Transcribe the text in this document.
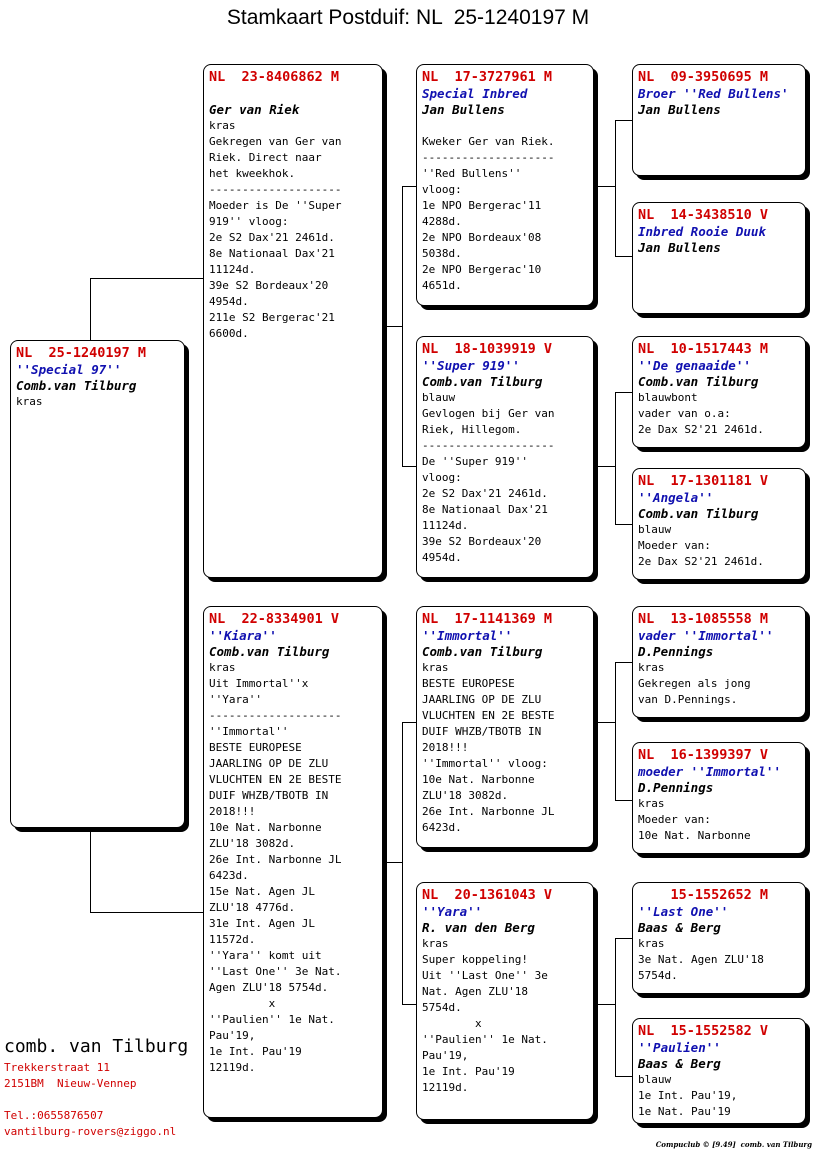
Stamkaart Postduif: NL  25-1240197 M
NL  25-1240197 M
''Special 97''
Comb.van Tilburg
kras
NL  23-8406862 M
Ger van Riek
kras
Gekregen van Ger van
Riek. Direct naar
het kweekhok.
--------------------
Moeder is De ''Super
919'' vloog:
2e S2 Dax'21 2461d.
8e Nationaal Dax'21
11124d.
39e S2 Bordeaux'20
4954d.
211e S2 Bergerac'21
6600d.
NL  22-8334901 V
''Kiara''
Comb.van Tilburg
kras
Uit Immortal''x
''Yara''
--------------------
''Immortal''
BESTE EUROPESE
JAARLING OP DE ZLU
VLUCHTEN EN 2E BESTE
DUIF WHZB/TBOTB IN
2018!!!
10e Nat. Narbonne
ZLU'18 3082d.
26e Int. Narbonne JL
6423d.
15e Nat. Agen JL
ZLU'18 4776d.
31e Int. Agen JL
11572d.
''Yara'' komt uit
''Last One'' 3e Nat.
Agen ZLU'18 5754d.
x
''Paulien'' 1e Nat.
Pau'19,
1e Int. Pau'19
12119d.
NL  17-3727961 M
Special Inbred
Jan Bullens
Kweker Ger van Riek.
--------------------
''Red Bullens''
vloog:
1e NPO Bergerac'11
4288d.
2e NPO Bordeaux'08
5038d.
2e NPO Bergerac'10
4651d.
NL  18-1039919 V
''Super 919''
Comb.van Tilburg
blauw
Gevlogen bij Ger van
Riek, Hillegom.
--------------------
De ''Super 919''
vloog:
2e S2 Dax'21 2461d.
8e Nationaal Dax'21
11124d.
39e S2 Bordeaux'20
4954d.
NL  17-1141369 M
''Immortal''
Comb.van Tilburg
kras
BESTE EUROPESE
JAARLING OP DE ZLU
VLUCHTEN EN 2E BESTE
DUIF WHZB/TBOTB IN
2018!!!
''Immortal'' vloog:
10e Nat. Narbonne
ZLU'18 3082d.
26e Int. Narbonne JL
6423d.
NL  20-1361043 V
''Yara''
R. van den Berg
kras
Super koppeling!
Uit ''Last One'' 3e
Nat. Agen ZLU'18
5754d.
x
''Paulien'' 1e Nat.
Pau'19,
1e Int. Pau'19
12119d.
NL  09-3950695 M
Broer ''Red Bullens'
Jan Bullens
NL  14-3438510 V
Inbred Rooie Duuk
Jan Bullens
NL  10-1517443 M
''De genaaide''
Comb.van Tilburg
blauwbont
vader van o.a:
2e Dax S2'21 2461d.
NL  17-1301181 V
''Angela''
Comb.van Tilburg
blauw
Moeder van:
2e Dax S2'21 2461d.
NL  13-1085558 M
vader ''Immortal''
D.Pennings
kras
Gekregen als jong
van D.Pennings.
NL  16-1399397 V
moeder ''Immortal''
D.Pennings
kras
Moeder van:
10e Nat. Narbonne
15-1552652 M
''Last One''
Baas & Berg
kras
3e Nat. Agen ZLU'18
5754d.
NL  15-1552582 V
''Paulien''
Baas & Berg
blauw
1e Int. Pau'19,
1e Nat. Pau'19
comb. van Tilburg
Trekkerstraat 11
2151BM  Nieuw-Vennep
Tel.:0655876507
vantilburg-rovers@ziggo.nl
Compuclub © [9.49]  comb. van Tilburg
